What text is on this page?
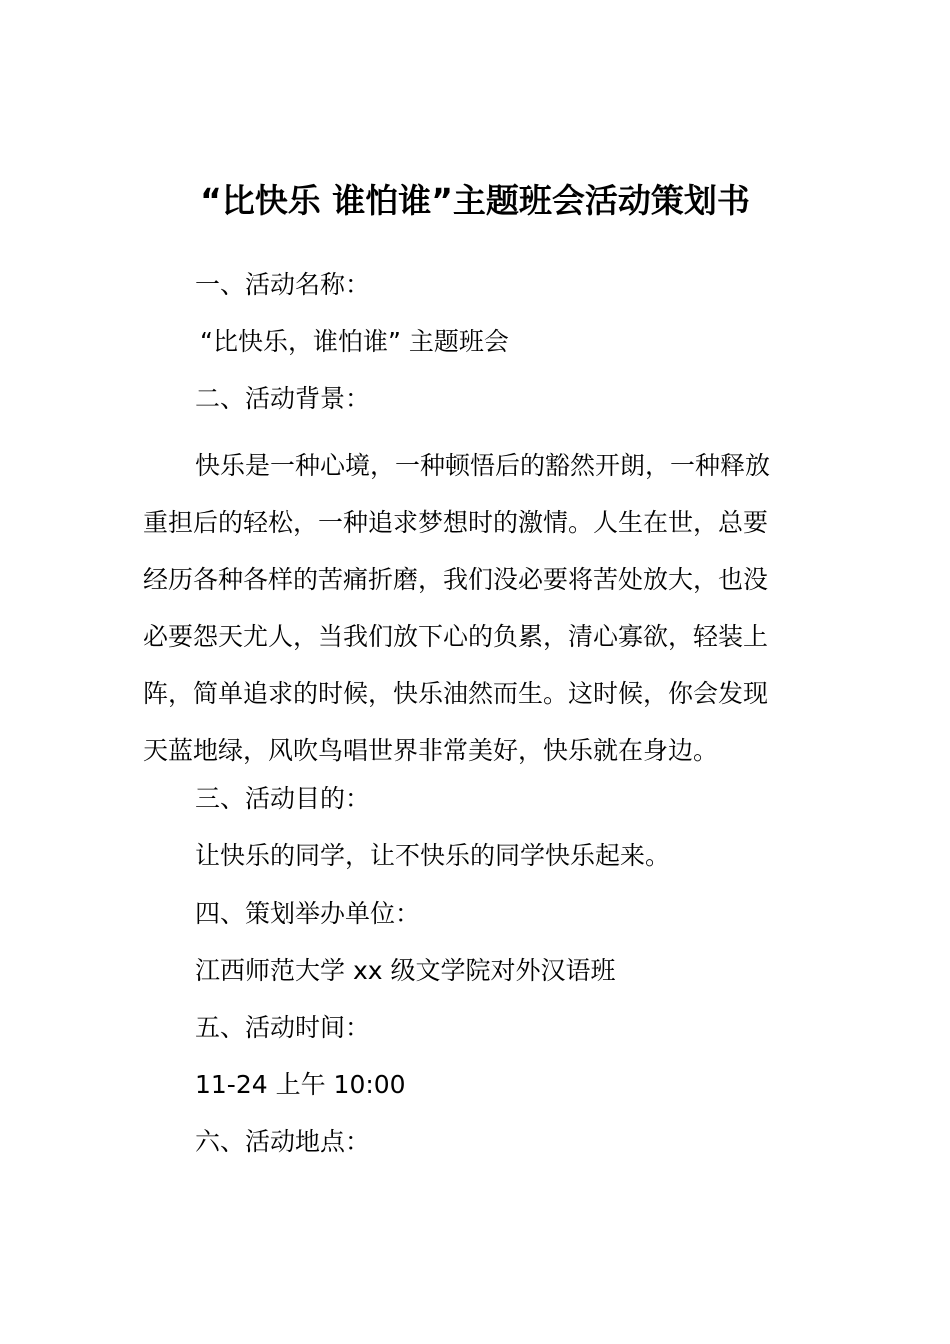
“比快乐 谁怕谁”主题班会活动策划书
一、活动名称：
“比快乐，谁怕谁” 主题班会
二、活动背景：
快乐是一种心境，一种顿悟后的豁然开朗，一种释放
重担后的轻松，一种追求梦想时的激情。人生在世，总要
经历各种各样的苦痛折磨，我们没必要将苦处放大，也没
必要怨天尤人，当我们放下心的负累，清心寡欲，轻装上
阵，简单追求的时候，快乐油然而生。这时候，你会发现
天蓝地绿，风吹鸟唱世界非常美好，快乐就在身边。
三、活动目的：
让快乐的同学，让不快乐的同学快乐起来。
四、策划举办单位：
江西师范大学 xx 级文学院对外汉语班
五、活动时间：
11-24 上午 10:00
六、活动地点：
